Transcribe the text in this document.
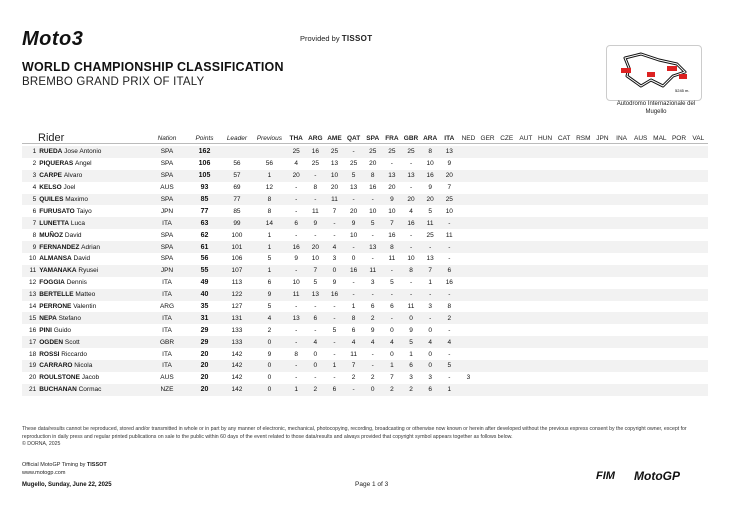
Moto3	Provided by TISSOT
WORLD CHAMPIONSHIP CLASSIFICATION
BREMBO GRAND PRIX OF ITALY
5245 m.
Autodromo Internazionale del Mugello
Rider		Nation	Points	Leader	Previous	THA	ARG	AME	QAT	SPA	FRA	GBR	ARA	ITA	NED	GER	CZE	AUT	HUN	CAT	RSM	JPN	INA	AUS	MAL	POR	VAL
1	RUEDA Jose Antonio	SPA	162			25	16	25	-	25	25	25	8	13													
2	PIQUERAS Angel	SPA	106	56	56	4	25	13	25	20	-	-	10	9													
3	CARPE Alvaro	SPA	105	57	1	20	-	10	5	8	13	13	16	20													
4	KELSO Joel	AUS	93	69	12	-	8	20	13	16	20	-	9	7													
5	QUILES Maximo	SPA	85	77	8	-	-	11	-	-	9	20	20	25													
6	FURUSATO Taiyo	JPN	77	85	8	-	11	7	20	10	10	4	5	10													
7	LUNETTA Luca	ITA	63	99	14	6	9	-	9	5	7	16	11	-													
8	MUÑOZ David	SPA	62	100	1	-	-	-	10	-	16	-	25	11													
9	FERNANDEZ Adrian	SPA	61	101	1	16	20	4	-	13	8	-	-	-													
10	ALMANSA David	SPA	56	106	5	9	10	3	0	-	11	10	13	-													
11	YAMANAKA Ryusei	JPN	55	107	1	-	7	0	16	11	-	8	7	6													
12	FOGGIA Dennis	ITA	49	113	6	10	5	9	-	3	5	-	1	16													
13	BERTELLE Matteo	ITA	40	122	9	11	13	16	-	-	-	-	-	-													
14	PERRONE Valentin	ARG	35	127	5	-	-	-	1	6	6	11	3	8													
15	NEPA Stefano	ITA	31	131	4	13	6	-	8	2	-	0	-	2													
16	PINI Guido	ITA	29	133	2	-	-	5	6	9	0	9	0	-													
17	OGDEN Scott	GBR	29	133	0	-	4	-	4	4	4	5	4	4													
18	ROSSI Riccardo	ITA	20	142	9	8	0	-	11	-	0	1	0	-													
19	CARRARO Nicola	ITA	20	142	0	-	0	1	7	-	1	6	0	5													
20	ROULSTONE Jacob	AUS	20	142	0	-	-	-	2	2	7	3	3	-	3												
21	BUCHANAN Cormac	NZE	20	142	0	1	2	6	-	0	2	2	6	1													
These data/results cannot be reproduced, stored and/or transmitted in whole or in part by any manner of electronic, mechanical, photocopying, recording, broadcasting or otherwise now known or herein after developed without the previous express consent by the copyright owner, except for reproduction in daily press and regular printed publications on sale to the public within 60 days of the event related to those data/results and always provided that copyright symbol appears together as follows below.
© DORNA, 2025
Official MotoGP Timing by TISSOT
www.motogp.com
Mugello, Sunday, June 22, 2025	Page 1 of 3
FIM MotoGP
